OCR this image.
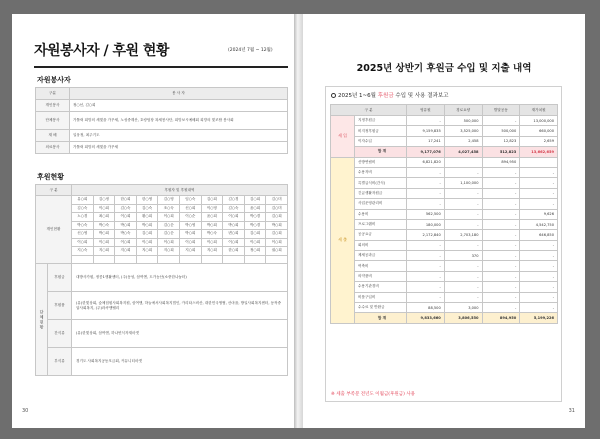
자원봉사자 / 후원 현황	(2024년 7월 ~ 12월)
자원봉사자
구분	봉 사 자
개인봉사	정○선, 김○희
단체봉사	가톨릭 희망의 새빛을 가꾸세, 노성중계산, 호랑팀장 복세봉사단, 희망보시예배회 희망의 빛조합 봉사회
재 배	일웅정, 최주기도
의료봉사	가톨릭 희망의 새빛을 가꾸세
후원현황
구 분		후원자 및 후원내역									
개인현황		유○희	김○정	한○희	한○영	김○영	임○숙	김○희	김○경	김○희	김○미
		김○숙	이○희	김○숙	김○숙	조○숙	신○희	이○영	김○숙	윤○희	김○미
		노○경	최○희	이○희	황○희	이○희	이○순	윤○희	이○희	박○경	김○희
		박○숙	박○숙	박○희	박○희	김○순	박○영	박○희	박○희	박○경	박○희
		신○영	박○희	박○숙	김○희	김○순	박○희	박○숙	변○희	김○희	김○희
		이○희	이○희	이○희	이○희	이○희	이○희	이○희	이○희	이○희	이○희
		지○숙	지○희	지○희	지○희	지○희	지○희	지○희	한○희	정○희	권○희

단체현황	후원금	대방사가원, 정릉1생활센터, (주)동성, 삼여앤, 도가농산(소중한나눔터)									
	후원품	(유)한빛상회, 숲체험원사회복지원, 삼여앤, 하늘애서사회복지법인, 카리타스비산, 대한민국생협, 산마을, 방일사회복지센터, 동작중앙사회복지, (주)라쿠앤벨리									
	간식류	(유)한빛상회, 삼여앤, 하나빈식자재마켓									
	부식류	경기도 사회복지공동모금회, 커뮤니티마켓									
30
2025년 상반기 후원금 수입 및 지출 내역
2025년 1~6월 후원금 수입 및 사용 결과보고
구 분		영유원	경로요양	발달공동	재가치원
세 입	지정후원금	-	500,000	-	13,000,000
	비지정후원금	9,159,835	3,525,000	500,000	660,000
	이자수입	17,241	2,458	12,823	2,659
	합 계	9,177,076	4,027,458	512,823	13,662,659
세 출	산방연립비	6,821,820		894,950	
	수용자비	-	-	-	-
	특별급식비(간식)	-	1,100,000	-	-
	긴급생활자원금	-	-	-	-
	사업운영관리비	-	-	-	-
	수용비	562,500	-	-	9,626
	프로그램비	180,000	-	-	4,542,750
	공공요금	2,172,840	2,703,180	-	646,850
	회의비	-	-	-	-
	제세공과금	-	370	-	-
	여축비	-	-	-	-
	의약품비	-	-	-	-
	수용기관경비	-	-	-	-
	비품구입비	-	-	-	-
	수수료 및 반환금	88,500	3,000	-	-
	합 계	9,833,660	3,806,550	894,950	5,199,226
※ 세출 부족분 전년도 이월금(후원금) 사용
31
